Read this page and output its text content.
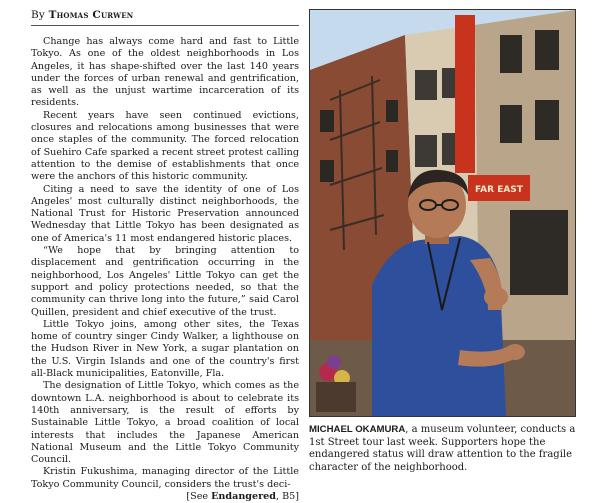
By Thomas Curwen

Change has always come hard and fast to Little Tokyo. As one of the oldest neighborhoods in Los Angeles, it has shape-shifted over the last 140 years under the forces of urban renewal and gentrification, as well as the unjust wartime incarceration of its residents.

Recent years have seen continued evictions, closures and relocations among businesses that were once staples of the community. The forced relocation of Suehiro Cafe sparked a recent street protest calling attention to the demise of establishments that once were the anchors of this historic community.

Citing a need to save the identity of one of Los Angeles' most culturally distinct neighborhoods, the National Trust for Historic Preservation announced Wednesday that Little Tokyo has been designated as one of America's 11 most endangered historic places.

“We hope that by bringing attention to displacement and gentrification occurring in the neighborhood, Los Angeles' Little Tokyo can get the support and policy protections needed, so that the community can thrive long into the future,” said Carol Quillen, president and chief executive of the trust.

Little Tokyo joins, among other sites, the Texas home of country singer Cindy Walker, a lighthouse on the Hudson River in New York, a sugar plantation on the U.S. Virgin Islands and one of the country's first all-Black municipalities, Eatonville, Fla.

The designation of Little Tokyo, which comes as the downtown L.A. neighborhood is about to celebrate its 140th anniversary, is the result of efforts by Sustainable Little Tokyo, a broad coalition of local interests that includes the Japanese American National Museum and the Little Tokyo Community Council.

Kristin Fukushima, managing director of the Little Tokyo Community Council, considers the trust's deci-

[See Endangered, B5]

FAR EAST
MICHAEL OKAMURA, a museum volunteer, conducts a 1st Street tour last week. Supporters hope the endangered status will draw attention to the fragile character of the neighborhood.
